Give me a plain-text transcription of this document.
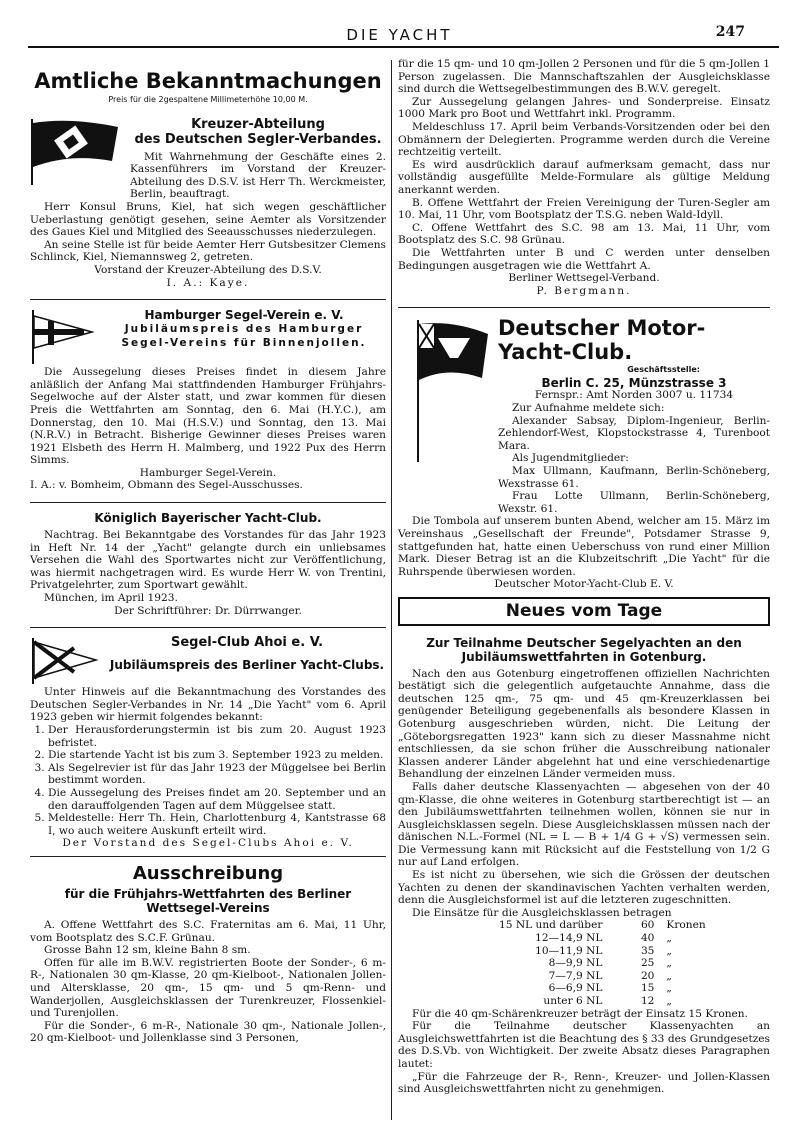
DIE YACHT	247
Amtliche Bekanntmachungen
Preis für die 2gespaltene Millimeterhöhe 10,00 M.
Kreuzer-Abteilung
des Deutschen Segler-Verbandes.

Mit Wahrnehmung der Geschäfte eines 2. Kassenführers im Vorstand der Kreuzer-Abteilung des D.S.V. ist Herr Th. Werckmeister, Berlin, beauftragt.

Herr Konsul Bruns, Kiel, hat sich wegen geschäftlicher Ueberlastung genötigt gesehen, seine Aemter als Vorsitzender des Gaues Kiel und Mitglied des Seeausschusses niederzulegen.

An seine Stelle ist für beide Aemter Herr Gutsbesitzer Clemens Schlinck, Kiel, Niemannsweg 2, getreten.

Vorstand der Kreuzer-Abteilung des D.S.V.

I. A.: Kaye.

Hamburger Segel-Verein e. V.
Jubiläumspreis des Hamburger Segel-Vereins für Binnenjollen.

Die Aussegelung dieses Preises findet in diesem Jahre anläßlich der Anfang Mai stattfindenden Hamburger Frühjahrs-Segelwoche auf der Alster statt, und zwar kommen für diesen Preis die Wettfahrten am Sonntag, den 6. Mai (H.Y.C.), am Donnerstag, den 10. Mai (H.S.V.) und Sonntag, den 13. Mai (N.R.V.) in Betracht. Bisherige Gewinner dieses Preises waren 1921 Elsbeth des Herrn H. Malmberg, und 1922 Pux des Herrn Simms.

Hamburger Segel-Verein.

I. A.: v. Bomheim, Obmann des Segel-Ausschusses.

Königlich Bayerischer Yacht-Club.

Nachtrag. Bei Bekanntgabe des Vorstandes für das Jahr 1923 in Heft Nr. 14 der „Yacht" gelangte durch ein unliebsames Versehen die Wahl des Sportwartes nicht zur Veröffentlichung, was hiermit nachgetragen wird. Es wurde Herr W. von Trentini, Privatgelehrter, zum Sportwart gewählt.

München, im April 1923.

Der Schriftführer: Dr. Dürrwanger.

Segel-Club Ahoi e. V.
Jubiläumspreis des Berliner Yacht-Clubs.

Unter Hinweis auf die Bekanntmachung des Vorstandes des Deutschen Segler-Verbandes in Nr. 14 „Die Yacht" vom 6. April 1923 geben wir hiermit folgendes bekannt:

1. Der Herausforderungstermin ist bis zum 20. August 1923 befristet.
2. Die startende Yacht ist bis zum 3. September 1923 zu melden.
3. Als Segelrevier ist für das Jahr 1923 der Müggelsee bei Berlin bestimmt worden.
4. Die Aussegelung des Preises findet am 20. September und an den darauffolgenden Tagen auf dem Müggelsee statt.
5. Meldestelle: Herr Th. Hein, Charlottenburg 4, Kantstrasse 68 I, wo auch weitere Auskunft erteilt wird.

Der Vorstand des Segel-Clubs Ahoi e. V.

Ausschreibung
für die Frühjahrs-Wettfahrten des Berliner Wettsegel-Vereins

A. Offene Wettfahrt des S.C. Fraternitas am 6. Mai, 11 Uhr, vom Bootsplatz des S.C.F. Grünau.

Grosse Bahn 12 sm, kleine Bahn 8 sm.

Offen für alle im B.W.V. registrierten Boote der Sonder-, 6 m-R-, Nationalen 30 qm-Klasse, 20 qm-Kielboot-, Nationalen Jollen- und Altersklasse, 20 qm-, 15 qm- und 5 qm-Renn- und Wanderjollen, Ausgleichsklassen der Turenkreuzer, Flossenkiel- und Turenjollen.

Für die Sonder-, 6 m-R-, Nationale 30 qm-, Nationale Jollen-, 20 qm-Kielboot- und Jollenklasse sind 3 Personen,

für die 15 qm- und 10 qm-Jollen 2 Personen und für die 5 qm-Jollen 1 Person zugelassen. Die Mannschaftszahlen der Ausgleichsklasse sind durch die Wettsegelbestimmungen des B.W.V. geregelt.

Zur Aussegelung gelangen Jahres- und Sonderpreise. Einsatz 1000 Mark pro Boot und Wettfahrt inkl. Programm.

Meldeschluss 17. April beim Verbands-Vorsitzenden oder bei den Obmännern der Delegierten. Programme werden durch die Vereine rechtzeitig verteilt.

Es wird ausdrücklich darauf aufmerksam gemacht, dass nur vollständig ausgefüllte Melde-Formulare als gültige Meldung anerkannt werden.

B. Offene Wettfahrt der Freien Vereinigung der Turen-Segler am 10. Mai, 11 Uhr, vom Bootsplatz der T.S.G. neben Wald-Idyll.

C. Offene Wettfahrt des S.C. 98 am 13. Mai, 11 Uhr, vom Bootsplatz des S.C. 98 Grünau.

Die Wettfahrten unter B und C werden unter denselben Bedingungen ausgetragen wie die Wettfahrt A.

Berliner Wettsegel-Verband.

P. Bergmann.

Deutscher Motor-Yacht-Club.
Geschäftsstelle:
Berlin C. 25, Münzstrasse 3
Fernspr.: Amt Norden 3007 u. 11734

Zur Aufnahme meldete sich:

Alexander Sabsay, Diplom-Ingenieur, Berlin-Zehlendorf-West, Klopstockstrasse 4, Turenboot Mara.

Als Jugendmitglieder:

Max Ullmann, Kaufmann, Berlin-Schöneberg, Wexstrasse 61.

Frau Lotte Ullmann, Berlin-Schöneberg, Wexstr. 61.

Die Tombola auf unserem bunten Abend, welcher am 15. März im Vereinshaus „Gesellschaft der Freunde", Potsdamer Strasse 9, stattgefunden hat, hatte einen Ueberschuss von rund einer Million Mark. Dieser Betrag ist an die Klubzeitschrift „Die Yacht" für die Ruhrspende überwiesen worden.

Deutscher Motor-Yacht-Club E. V.

Neues vom Tage
Zur Teilnahme Deutscher Segelyachten an den
Jubiläumswettfahrten in Gotenburg.

Nach den aus Gotenburg eingetroffenen offiziellen Nachrichten bestätigt sich die gelegentlich aufgetauchte Annahme, dass die deutschen 125 qm-, 75 qm- und 45 qm-Kreuzerklassen bei genügender Beteiligung gegebenenfalls als besondere Klassen in Gotenburg ausgeschrieben würden, nicht. Die Leitung der „Göteborgsregatten 1923" kann sich zu dieser Massnahme nicht entschliessen, da sie schon früher die Ausschreibung nationaler Klassen anderer Länder abgelehnt hat und eine verschiedenartige Behandlung der einzelnen Länder vermeiden muss.

Falls daher deutsche Klassenyachten — abgesehen von der 40 qm-Klasse, die ohne weiteres in Gotenburg startberechtigt ist — an den Jubiläumswettfahrten teilnehmen wollen, können sie nur in Ausgleichsklassen segeln. Diese Ausgleichsklassen müssen nach der dänischen N.L.-Formel (NL = L — B + 1/4 G + √S) vermessen sein. Die Vermessung kann mit Rücksicht auf die Feststellung von 1/2 G nur auf Land erfolgen.

Es ist nicht zu übersehen, wie sich die Grössen der deutschen Yachten zu denen der skandinavischen Yachten verhalten werden, denn die Ausgleichsformel ist auf die letzteren zugeschnitten.

Die Einsätze für die Ausgleichsklassen betragen

15 NL und darüber	60	Kronen
12—14,9 NL	40	„
10—11,9 NL	35	„
8—9,9 NL	25	„
7—7,9 NL	20	„
6—6,9 NL	15	„
unter 6 NL	12	„

Für die 40 qm-Schärenkreuzer beträgt der Einsatz 15 Kronen.

Für die Teilnahme deutscher Klassenyachten an Ausgleichswettfahrten ist die Beachtung des § 33 des Grundgesetzes des D.S.Vb. von Wichtigkeit. Der zweite Absatz dieses Paragraphen lautet:

„Für die Fahrzeuge der R-, Renn-, Kreuzer- und Jollen-Klassen sind Ausgleichswettfahrten nicht zu genehmigen.
